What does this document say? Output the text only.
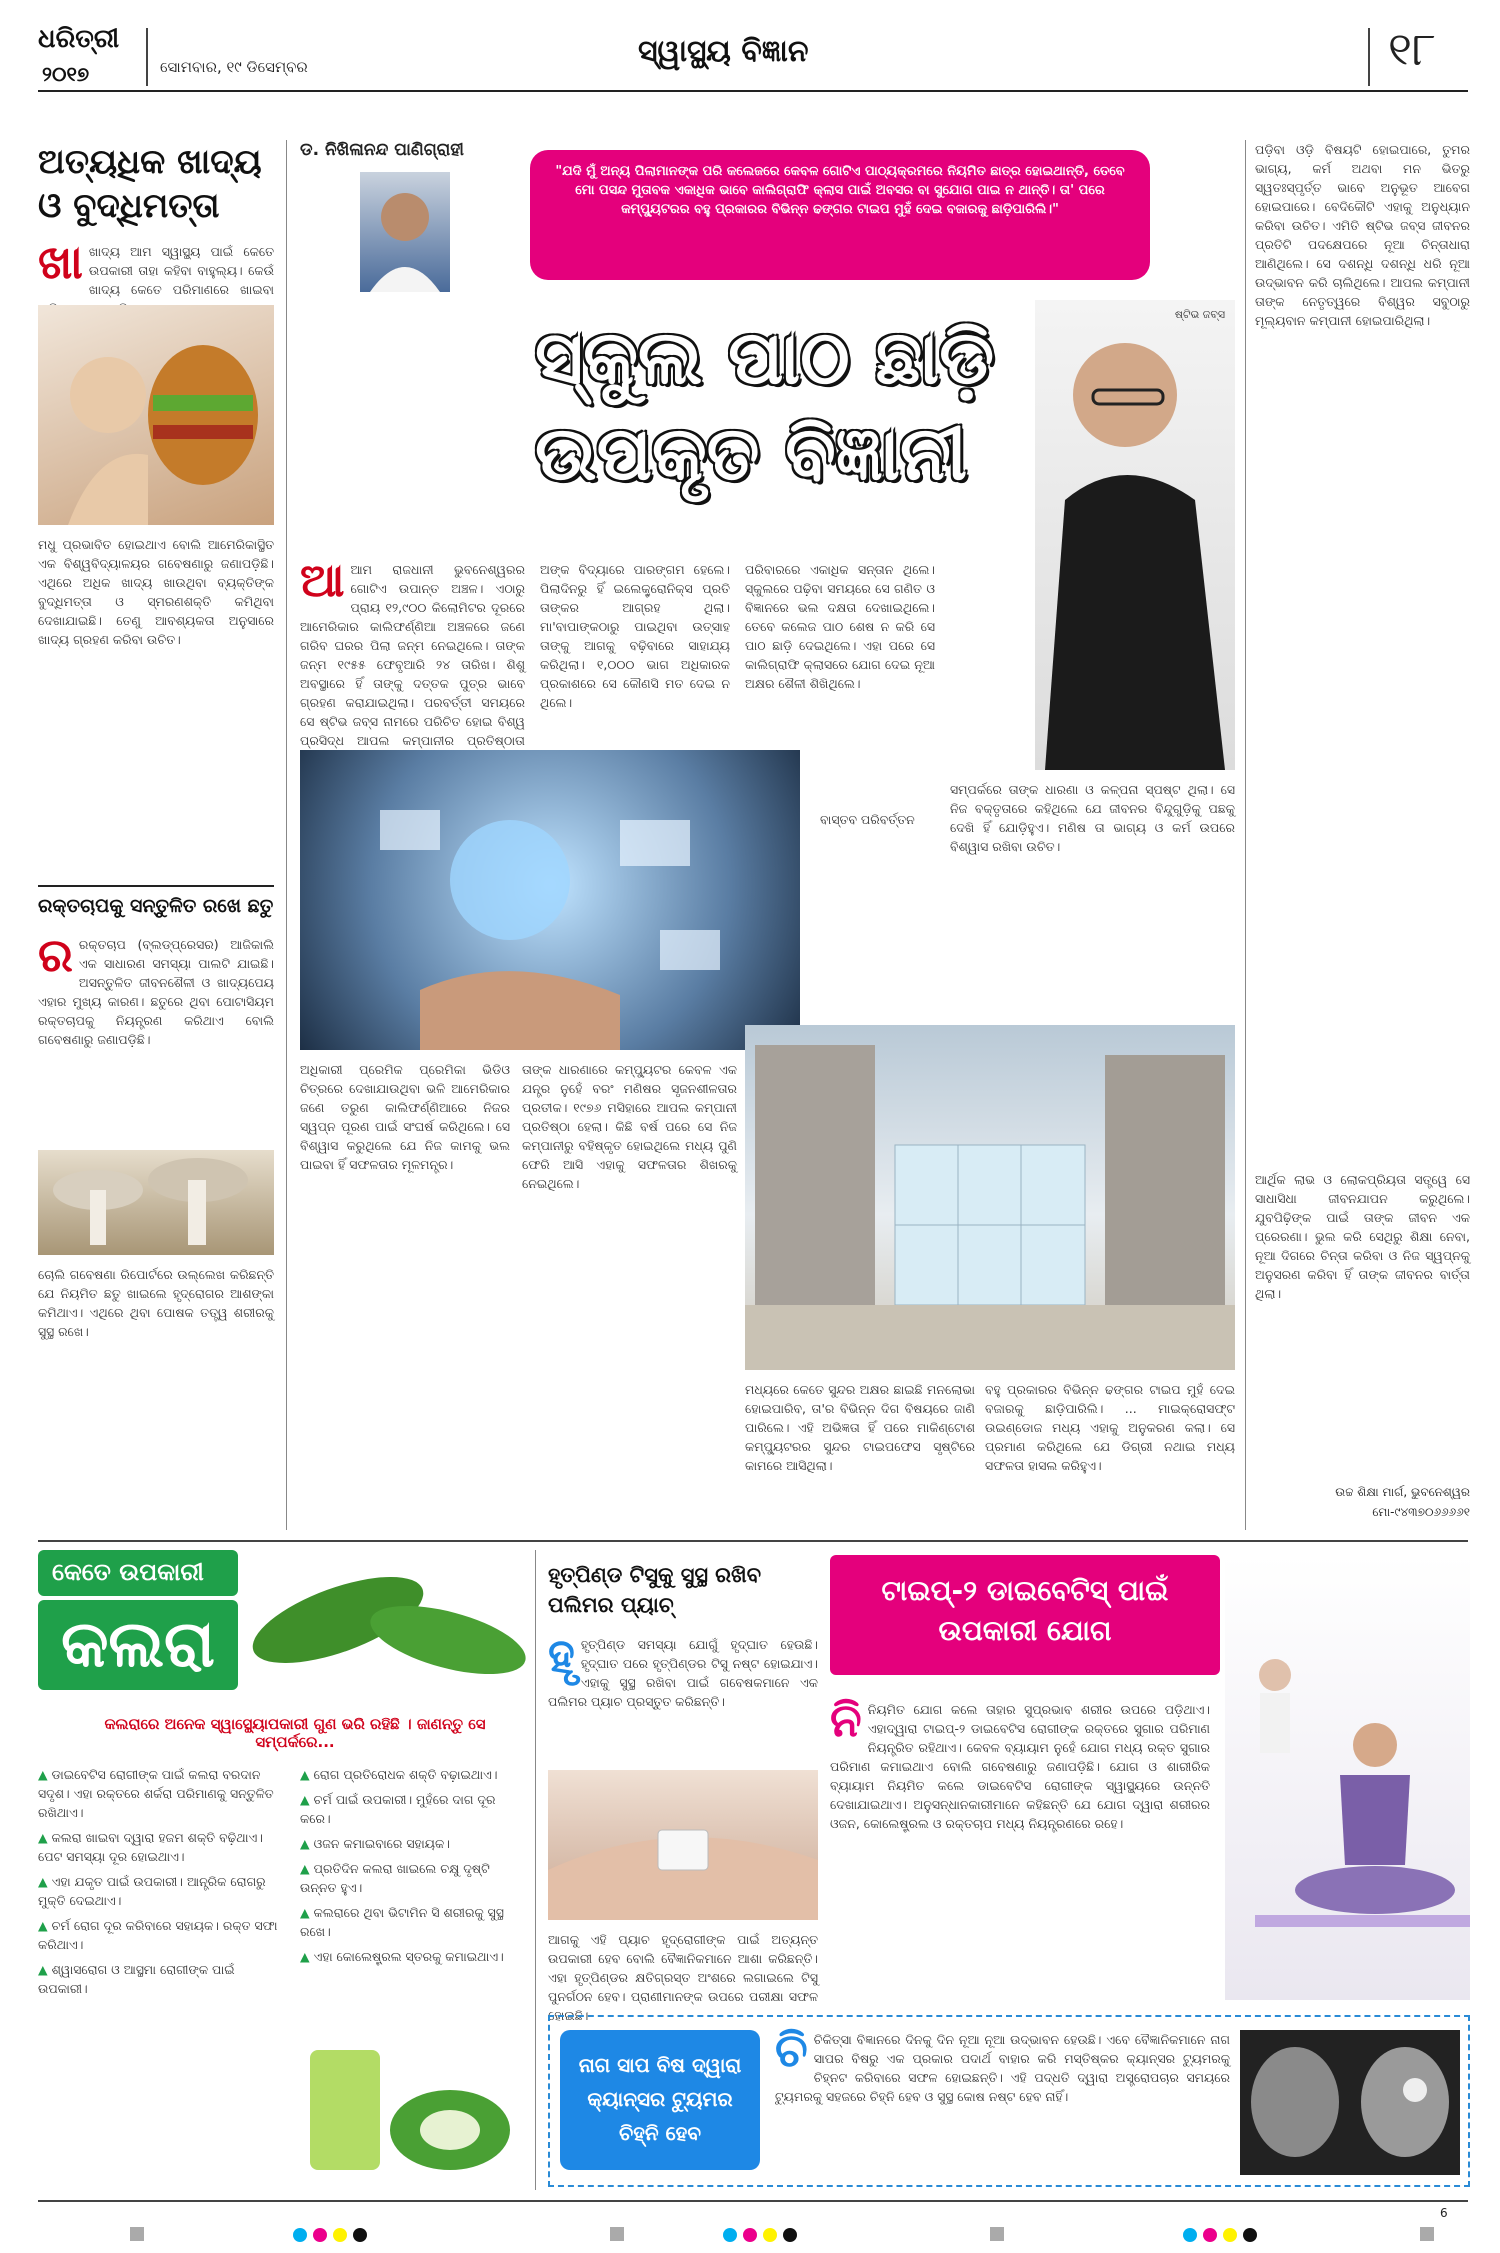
ଧରିତ୍ରୀ
୨୦୧୭	ସୋମବାର, ୧୯ ଡିସେମ୍ବର	ସ୍ୱାସ୍ଥ୍ୟ ବିଜ୍ଞାନ	୧୮
ଅତ୍ୟଧିକ ଖାଦ୍ୟ ଓ ବୁଦ୍ଧିମତ୍ତା
ଖାଖାଦ୍ୟ ଆମ ସ୍ୱାସ୍ଥ୍ୟ ପାଇଁ କେତେ ଉପକାରୀ ତାହା କହିବା ବାହୁଲ୍ୟ। କେଉଁ ଖାଦ୍ୟ କେତେ ପରିମାଣରେ ଖାଇବା
ମଧୁ ପ୍ରଭାବିତ ହୋଇଥାଏ ବୋଲି ଆମେରିକାସ୍ଥିତ ଏକ ବିଶ୍ୱବିଦ୍ୟାଳୟର ଗବେଷଣାରୁ ଜଣାପଡ଼ିଛି। ଏଥିରେ ଅଧିକ ଖାଦ୍ୟ ଖାଉଥିବା ବ୍ୟକ୍ତିଙ୍କ ବୁଦ୍ଧିମତ୍ତା ଓ ସ୍ମରଣଶକ୍ତି କମିଥିବା ଦେଖାଯାଇଛି। ତେଣୁ ଆବଶ୍ୟକତା ଅନୁସାରେ ଖାଦ୍ୟ ଗ୍ରହଣ କରିବା ଉଚିତ।
ରକ୍ତଚାପକୁ ସନ୍ତୁଳିତ ରଖେ ଛତୁ
ରରକ୍ତଚାପ (ବ୍ଲଡ୍‌ପ୍ରେସର) ଆଜିକାଲି ଏକ ସାଧାରଣ ସମସ୍ୟା ପାଲଟି ଯାଇଛି। ଅସନ୍ତୁଳିତ ଜୀବନଶୈଳୀ ଓ ଖାଦ୍ୟପେୟ ଏହାର ମୁଖ୍ୟ କାରଣ। ଛତୁରେ ଥିବା ପୋଟାସିୟମ ରକ୍ତଚାପକୁ ନିୟନ୍ତ୍ରଣ କରିଥାଏ ବୋଲି ଗବେଷଣାରୁ ଜଣାପଡ଼ିଛି।
ଚୋଲି ଗବେଷଣା ରିପୋର୍ଟରେ ଉଲ୍ଲେଖ କରିଛନ୍ତି ଯେ ନିୟମିତ ଛତୁ ଖାଇଲେ ହୃଦ୍‌ରୋଗର ଆଶଙ୍କା କମିଥାଏ। ଏଥିରେ ଥିବା ପୋଷକ ତତ୍ତ୍ୱ ଶରୀରକୁ ସୁସ୍ଥ ରଖେ।
ଡ. ନିଖିଳାନନ୍ଦ ପାଣିଗ୍ରାହୀ
"ଯଦି ମୁଁ ଅନ୍ୟ ପିଲାମାନଙ୍କ ପରି କଲେଜରେ କେବଳ ଗୋଟିଏ ପାଠ୍ୟକ୍ରମରେ ନିୟମିତ ଛାତ୍ର ହୋଇଥାନ୍ତି, ତେବେ ମୋ ପସନ୍ଦ ମୁତାବକ ଏକାଧିକ ଭାବେ କାଲିଗ୍ରାଫି କ୍ଲାସ ପାଇଁ ଅବସର ବା ସୁଯୋଗ ପାଇ ନ ଥାନ୍ତି। ତା' ପରେ କମ୍ପ୍ୟୁଟରର ବହୁ ପ୍ରକାରର ବିଭିନ୍ନ ଢଙ୍ଗର ଟାଇପ ମୁହଁ ଦେଇ ବଜାରକୁ ଛାଡ଼ିପାରିଲି।"
ସ୍କୁଲ ପାଠ ଛାଡ଼ି ଉପକୃତ ବିଜ୍ଞାନୀ
ଷ୍ଟିଭ ଜବ୍ସ
ଆଆମ ରାଜଧାନୀ ଭୁବନେଶ୍ୱରର ଗୋଟିଏ ଉପାନ୍ତ ଅଞ୍ଚଳ। ଏଠାରୁ ପ୍ରାୟ ୧୨,୯୦୦ କିଲୋମିଟର ଦୂରରେ ଆମେରିକାର କାଲିଫର୍ଣ୍ଣିଆ ଅଞ୍ଚଳରେ ଜଣେ ଗରିବ ଘରର ପିଲା ଜନ୍ମ ନେଇଥିଲେ। ତାଙ୍କ ଜନ୍ମ ୧୯୫୫ ଫେବୃଆରି ୨୪ ତାରିଖ। ଶିଶୁ ଅବସ୍ଥାରେ ହିଁ ତାଙ୍କୁ ଦତ୍ତକ ପୁତ୍ର ଭାବେ ଗ୍ରହଣ କରାଯାଇଥିଲା। ପରବର୍ତ୍ତୀ ସମୟରେ ସେ ଷ୍ଟିଭ ଜବ୍ସ ନାମରେ ପରିଚିତ ହୋଇ ବିଶ୍ୱ ପ୍ରସିଦ୍ଧ ଆପଲ କମ୍ପାନୀର ପ୍ରତିଷ୍ଠାତା
ଅଙ୍କ ବିଦ୍ୟାରେ ପାରଙ୍ଗମ ହେଲେ। ପିଲାଦିନରୁ ହିଁ ଇଲେକ୍ଟ୍ରୋନିକ୍ସ ପ୍ରତି ତାଙ୍କର ଆଗ୍ରହ ଥିଲା। ମା'ବାପାଙ୍କଠାରୁ ପାଇଥିବା ଉତ୍ସାହ ତାଙ୍କୁ ଆଗକୁ ବଢ଼ିବାରେ ସାହାଯ୍ୟ କରିଥିଲା। ୧,୦୦୦ ଭାଗ ଅଧିକାରକ ପ୍ରକାଶରେ ସେ କୌଣସି ମତ ଦେଇ ନ ଥିଲେ।
ପରିବାରରେ ଏକାଧିକ ସନ୍ତାନ ଥିଲେ। ସ୍କୁଲରେ ପଢ଼ିବା ସମୟରେ ସେ ଗଣିତ ଓ ବିଜ୍ଞାନରେ ଭଲ ଦକ୍ଷତା ଦେଖାଇଥିଲେ। ତେବେ କଲେଜ ପାଠ ଶେଷ ନ କରି ସେ ପାଠ ଛାଡ଼ି ଦେଇଥିଲେ। ଏହା ପରେ ସେ କାଲିଗ୍ରାଫି କ୍ଲାସରେ ଯୋଗ ଦେଇ ନୂଆ ଅକ୍ଷର ଶୈଳୀ ଶିଖିଥିଲେ।
ବାସ୍ତବ ପରିବର୍ତ୍ତନ
ଅଧିକାରୀ ପ୍ରେମିକ ପ୍ରେମିକା ଭିଡିଓ ଚିତ୍ରରେ ଦେଖାଯାଉଥିବା ଭଳି ଆମେରିକାର ଜଣେ ତରୁଣ କାଲିଫର୍ଣ୍ଣିଆରେ ନିଜର ସ୍ୱପ୍ନ ପୂରଣ ପାଇଁ ସଂଘର୍ଷ କରିଥିଲେ। ସେ ବିଶ୍ୱାସ କରୁଥିଲେ ଯେ ନିଜ କାମକୁ ଭଲ ପାଇବା ହିଁ ସଫଳତାର ମୂଳମନ୍ତ୍ର।
ତାଙ୍କ ଧାରଣାରେ କମ୍ପ୍ୟୁଟର କେବଳ ଏକ ଯନ୍ତ୍ର ନୁହେଁ ବରଂ ମଣିଷର ସୃଜନଶୀଳତାର ପ୍ରତୀକ। ୧୯୭୬ ମସିହାରେ ଆପଲ କମ୍ପାନୀ ପ୍ରତିଷ୍ଠା ହେଲା। କିଛି ବର୍ଷ ପରେ ସେ ନିଜ କମ୍ପାନୀରୁ ବହିଷ୍କୃତ ହୋଇଥିଲେ ମଧ୍ୟ ପୁଣି ଫେରି ଆସି ଏହାକୁ ସଫଳତାର ଶିଖରକୁ ନେଇଥିଲେ।
ସମ୍ପର୍କରେ ତାଙ୍କ ଧାରଣା ଓ କଳ୍ପନା ସ୍ପଷ୍ଟ ଥିଲା। ସେ ନିଜ ବକ୍ତୃତାରେ କହିଥିଲେ ଯେ ଜୀବନର ବିନ୍ଦୁଗୁଡ଼ିକୁ ପଛକୁ ଦେଖି ହିଁ ଯୋଡ଼ିହୁଏ। ମଣିଷ ତା ଭାଗ୍ୟ ଓ କର୍ମ ଉପରେ ବିଶ୍ୱାସ ରଖିବା ଉଚିତ।
ମଧ୍ୟରେ କେତେ ସୁନ୍ଦର ଅକ୍ଷର ଛାଇଛି ମନଲୋଭା ହୋଇପାରିବ, ତା'ର ବିଭିନ୍ନ ଦିଗ ବିଷୟରେ ଜାଣି ପାରିଲେ। ଏହି ଅଭିଜ୍ଞତା ହିଁ ପରେ ମାକିଣ୍ଟୋଶ କମ୍ପ୍ୟୁଟରର ସୁନ୍ଦର ଟାଇପଫେସ ସୃଷ୍ଟିରେ କାମରେ ଆସିଥିଲା।
ବହୁ ପ୍ରକାରର ବିଭିନ୍ନ ଢଙ୍ଗର ଟାଇପ ମୁହଁ ଦେଇ ବଜାରକୁ ଛାଡ଼ିପାରିଲି। ... ମାଇକ୍ରୋସଫ୍ଟ ଉଇଣ୍ଡୋଜ ମଧ୍ୟ ଏହାକୁ ଅନୁକରଣ କଲା। ସେ ପ୍ରମାଣ କରିଥିଲେ ଯେ ଡିଗ୍ରୀ ନଥାଇ ମଧ୍ୟ ସଫଳତା ହାସଲ କରିହୁଏ।
ପଡ଼ିବା ଓଡ଼ି ବିଷୟଟି ହୋଇପାରେ, ତୁମର ଭାଗ୍ୟ, କର୍ମ ଅଥବା ମନ ଭିତରୁ ସ୍ୱତଃସ୍ପୃର୍ତ୍ତ ଭାବେ ଅନୁଭୂତ ଆବେଗ ହୋଇପାରେ। ବେଦିକୌଟି ଏହାକୁ ଅନୁଧ୍ୟାନ କରିବା ଉଚିତ। ଏମିତି ଷ୍ଟିଭ ଜବ୍ସ ଜୀବନର ପ୍ରତିଟି ପଦକ୍ଷେପରେ ନୂଆ ଚିନ୍ତାଧାରା ଆଣିଥିଲେ। ସେ ଦଶନ୍ଧି ଦଶନ୍ଧି ଧରି ନୂଆ ଉଦ୍ଭାବନ କରି ଚାଲିଥିଲେ। ଆପଲ କମ୍ପାନୀ ତାଙ୍କ ନେତୃତ୍ୱରେ ବିଶ୍ୱର ସବୁଠାରୁ ମୂଲ୍ୟବାନ କମ୍ପାନୀ ହୋଇପାରିଥିଲା।
ଆର୍ଥିକ ଲାଭ ଓ ଲୋକପ୍ରିୟତା ସତ୍ତ୍ୱେ ସେ ସାଧାସିଧା ଜୀବନଯାପନ କରୁଥିଲେ। ଯୁବପିଢ଼ିଙ୍କ ପାଇଁ ତାଙ୍କ ଜୀବନ ଏକ ପ୍ରେରଣା। ଭୁଲ କରି ସେଥିରୁ ଶିକ୍ଷା ନେବା, ନୂଆ ଦିଗରେ ଚିନ୍ତା କରିବା ଓ ନିଜ ସ୍ୱପ୍ନକୁ ଅନୁସରଣ କରିବା ହିଁ ତାଙ୍କ ଜୀବନର ବାର୍ତ୍ତା ଥିଲା।
ଉଚ୍ଚ ଶିକ୍ଷା ମାର୍ଗ, ଭୁବନେଶ୍ୱର
ମୋ-୯୪୩୭୦୬୬୬୬୧
କେତେ ଉପକାରୀ
କଲରା
କଲରାରେ ଅନେକ ସ୍ୱାସ୍ଥ୍ୟୋପକାରୀ ଗୁଣ ଭରି ରହିଛି । ଜାଣନ୍ତୁ ସେ ସମ୍ପର୍କରେ...
▲ ଡାଇବେଟିସ ରୋଗୀଙ୍କ ପାଇଁ କଲରା ବରଦାନ ସଦୃଶ। ଏହା ରକ୍ତରେ ଶର୍କରା ପରିମାଣକୁ ସନ୍ତୁଳିତ ରଖିଥାଏ।
▲ କଲରା ଖାଇବା ଦ୍ୱାରା ହଜମ ଶକ୍ତି ବଢ଼ିଥାଏ। ପେଟ ସମସ୍ୟା ଦୂର ହୋଇଥାଏ।
▲ ଏହା ଯକୃତ ପାଇଁ ଉପକାରୀ। ଆନ୍ତ୍ରିକ ରୋଗରୁ ମୁକ୍ତି ଦେଇଥାଏ।
▲ ଚର୍ମ ରୋଗ ଦୂର କରିବାରେ ସହାୟକ। ରକ୍ତ ସଫା କରିଥାଏ।
▲ ଶ୍ୱାସରୋଗ ଓ ଆସ୍ଥମା ରୋଗୀଙ୍କ ପାଇଁ ଉପକାରୀ।
▲ ରୋଗ ପ୍ରତିରୋଧକ ଶକ୍ତି ବଢ଼ାଇଥାଏ।
▲ ଚର୍ମ ପାଇଁ ଉପକାରୀ। ମୁହଁରେ ଦାଗ ଦୂର କରେ।
▲ ଓଜନ କମାଇବାରେ ସହାୟକ।
▲ ପ୍ରତିଦିନ କଲରା ଖାଇଲେ ଚକ୍ଷୁ ଦୃଷ୍ଟି ଉନ୍ନତ ହୁଏ।
▲ କଲରାରେ ଥିବା ଭିଟାମିନ ସି ଶରୀରକୁ ସୁସ୍ଥ ରଖେ।
▲ ଏହା କୋଲେଷ୍ଟ୍ରଲ ସ୍ତରକୁ କମାଇଥାଏ।
ହୃତ୍‌ପିଣ୍ଡ ଟିସୁକୁ ସୁସ୍ଥ ରଖିବ ପଲିମର ପ୍ୟାଚ୍
ହୃହୃତ୍‌ପିଣ୍ଡ ସମସ୍ୟା ଯୋଗୁଁ ହୃଦ୍‌ଘାତ ହେଉଛି। ହୃଦ୍‌ଘାତ ପରେ ହୃତ୍‌ପିଣ୍ଡର ଟିସୁ ନଷ୍ଟ ହୋଇଯାଏ। ଏହାକୁ ସୁସ୍ଥ ରଖିବା ପାଇଁ ଗବେଷକମାନେ ଏକ ପଲିମର ପ୍ୟାଚ ପ୍ରସ୍ତୁତ କରିଛନ୍ତି।
ଆଗକୁ ଏହି ପ୍ୟାଚ ହୃଦ୍‌ରୋଗୀଙ୍କ ପାଇଁ ଅତ୍ୟନ୍ତ ଉପକାରୀ ହେବ ବୋଲି ବୈଜ୍ଞାନିକମାନେ ଆଶା କରିଛନ୍ତି। ଏହା ହୃତ୍‌ପିଣ୍ଡର କ୍ଷତିଗ୍ରସ୍ତ ଅଂଶରେ ଲଗାଇଲେ ଟିସୁ ପୁନର୍ଗଠନ ହେବ। ପ୍ରାଣୀମାନଙ୍କ ଉପରେ ପରୀକ୍ଷା ସଫଳ ହୋଇଛି।
ଟାଇପ୍‌-୨ ଡାଇବେଟିସ୍ ପାଇଁ ଉପକାରୀ ଯୋଗ
ନିନିୟମିତ ଯୋଗ କଲେ ତାହାର ସୁପ୍ରଭାବ ଶରୀର ଉପରେ ପଡ଼ିଥାଏ। ଏହାଦ୍ୱାରା ଟାଇପ୍‌-୨ ଡାଇବେଟିସ ରୋଗୀଙ୍କ ରକ୍ତରେ ସୁଗାର ପରିମାଣ ନିୟନ୍ତ୍ରିତ ରହିଥାଏ। କେବଳ ବ୍ୟାୟାମ ନୁହେଁ ଯୋଗ ମଧ୍ୟ ରକ୍ତ ସୁଗାର ପରିମାଣ କମାଇଥାଏ ବୋଲି ଗବେଷଣାରୁ ଜଣାପଡ଼ିଛି। ଯୋଗ ଓ ଶାରୀରିକ ବ୍ୟାୟାମ ନିୟମିତ କଲେ ଡାଇବେଟିସ ରୋଗୀଙ୍କ ସ୍ୱାସ୍ଥ୍ୟରେ ଉନ୍ନତି ଦେଖାଯାଇଥାଏ। ଅନୁସନ୍ଧାନକାରୀମାନେ କହିଛନ୍ତି ଯେ ଯୋଗ ଦ୍ୱାରା ଶରୀରର ଓଜନ, କୋଲେଷ୍ଟ୍ରଲ ଓ ରକ୍ତଚାପ ମଧ୍ୟ ନିୟନ୍ତ୍ରଣରେ ରହେ।
ନାଗ ସାପ ବିଷ ଦ୍ୱାରା କ୍ୟାନ୍‌ସର ଟ୍ୟୁମର ଚିହ୍ନି ହେବ
ଚିଚିକିତ୍ସା ବିଜ୍ଞାନରେ ଦିନକୁ ଦିନ ନୂଆ ନୂଆ ଉଦ୍ଭାବନ ହେଉଛି। ଏବେ ବୈଜ୍ଞାନିକମାନେ ନାଗ ସାପର ବିଷରୁ ଏକ ପ୍ରକାର ପଦାର୍ଥ ବାହାର କରି ମସ୍ତିଷ୍କର କ୍ୟାନ୍‌ସର ଟ୍ୟୁମରକୁ ଚିହ୍ନଟ କରିବାରେ ସଫଳ ହୋଇଛନ୍ତି। ଏହି ପଦ୍ଧତି ଦ୍ୱାରା ଅସ୍ତ୍ରୋପଚାର ସମୟରେ ଟ୍ୟୁମରକୁ ସହଜରେ ଚିହ୍ନି ହେବ ଓ ସୁସ୍ଥ କୋଷ ନଷ୍ଟ ହେବ ନାହିଁ।
6
